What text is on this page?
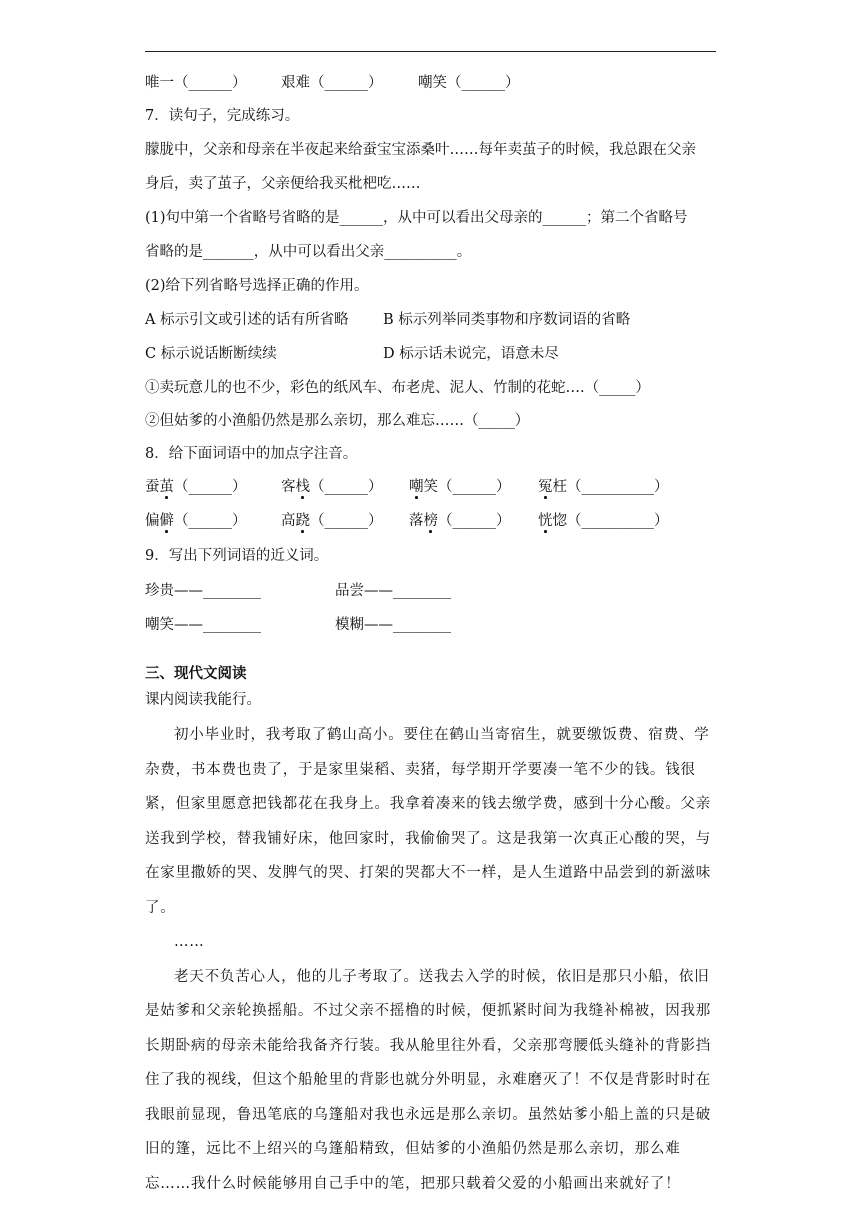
唯一（______） 艰难（______） 嘲笑（______）
7．读句子，完成练习。
朦胧中，父亲和母亲在半夜起来给蚕宝宝添桑叶……每年卖茧子的时候，我总跟在父亲
身后，卖了茧子，父亲便给我买枇杷吃……
(1)句中第一个省略号省略的是______，从中可以看出父母亲的______；第二个省略号
省略的是_______，从中可以看出父亲__________。
(2)给下列省略号选择正确的作用。
A 标示引文或引述的话有所省略 B 标示列举同类事物和序数词语的省略
C 标示说话断断续续	D 标示话未说完，语意未尽
①卖玩意儿的也不少，彩色的纸风车、布老虎、泥人、竹制的花蛇….（_____）
②但姑爹的小渔船仍然是那么亲切，那么难忘……（_____）
8．给下面词语中的加点字注音。
蚕茧（______） 客栈（______） 嘲笑（______） 冤枉（__________）
偏僻（______） 高跷（______） 落榜（______） 恍惚（__________）
9．写出下列词语的近义词。
珍贵——________	品尝——________
嘲笑——________	模糊——________
三、现代文阅读
课内阅读我能行。

初小毕业时，我考取了鹤山高小。要住在鹤山当寄宿生，就要缴饭费、宿费、学杂费，书本费也贵了，于是家里粜稻、卖猪，每学期开学要凑一笔不少的钱。钱很紧，但家里愿意把钱都花在我身上。我拿着凑来的钱去缴学费，感到十分心酸。父亲送我到学校，替我铺好床，他回家时，我偷偷哭了。这是我第一次真正心酸的哭，与在家里撒娇的哭、发脾气的哭、打架的哭都大不一样，是人生道路中品尝到的新滋味了。

……

老天不负苦心人，他的儿子考取了。送我去入学的时候，依旧是那只小船，依旧是姑爹和父亲轮换摇船。不过父亲不摇橹的时候，便抓紧时间为我缝补棉被，因我那长期卧病的母亲未能给我备齐行装。我从舱里往外看，父亲那弯腰低头缝补的背影挡住了我的视线，但这个船舱里的背影也就分外明显，永难磨灭了！不仅是背影时时在我眼前显现，鲁迅笔底的乌篷船对我也永远是那么亲切。虽然姑爹小船上盖的只是破旧的篷，远比不上绍兴的乌篷船精致，但姑爹的小渔船仍然是那么亲切，那么难忘……我什么时候能够用自己手中的笔，把那只载着父爱的小船画出来就好了！
